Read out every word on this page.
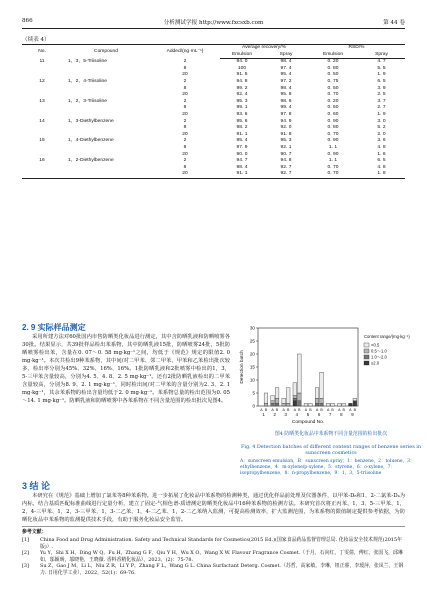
866	分析测试学报 http://www.fxcsxb.com	第 44 卷
（续表 4）
No.	Compound	Added/(ng·mL⁻¹)	Average recovery/%		RSD/%	
			Emulsion	Spray	Emulsion	Spray
11	1，3，5-Triisoline	2	94. 0	98. 4	0. 20	4. 7
		8	100	97. 4	0. 80	5. 5
		20	91. 5	95. 4	0. 50	1. 9
12	1，2，4-Triisoline	2	94. 8	97. 2	0. 75	6. 5
		8	99. 2	98. 4	0. 50	3. 9
		20	92. 4	95. 8	0. 70	2. 5
13	1，2，3-Triisoline	2	95. 3	98. 6	0. 20	3. 7
		8	99. 1	99. 4	0. 60	2. 7
		20	93. 6	97. 8	0. 60	1. 9
14	1，3-Diethylbenzene	2	95. 6	94. 9	0. 90	3. 0
		8	98. 2	92. 0	0. 80	5. 2
		20	91. 1	91. 8	0. 70	2. 0
15	1，4-Diethylbenzene	2	95. 4	95. 3	0. 90	3. 6
		8	97. 9	92. 1	1. 1	4. 8
		20	90. 0	90. 7	0. 90	1. 6
16	1，2-Diethylbenzene	2	94. 7	94. 8	1. 1	6. 5
		8	98. 4	92. 7	0. 70	4. 8
		20	91. 1	92. 7	0. 70	1. 8
2. 9 实际样品测定
采用所建方法对60批国内市售防晒类化妆品进行测定，其中含防晒乳液和防晒喷雾各30批。结果显示，共39批样品检出苯系物，其中防晒乳液15批，防晒喷雾24批，5批防晒喷雾检出苯，含量在0. 07～0. 58 mg·kg⁻¹之间，均低于《规范》规定的限值2. 0 mg·kg⁻¹。本次共检出9种苯系物，其中间/对二甲苯、邻二甲苯、甲苯和乙苯检出批次较多，检出率分别为45%、32%、16%、16%。1批防晒乳液和2批喷雾中检出的1，3，5-三甲苯含量较高，分别为4. 5、4. 8、2. 5 mg·kg⁻¹。还有2批防晒乳液检出的二甲苯含量较高，分别为8. 9、2. 1 mg·kg⁻¹，同时检出间/对二甲苯的含量分别为2. 3、2. 1 mg·kg⁻¹，其余苯系物的检出含量均低于2. 0 mg·kg⁻¹。苯系物总量的检出范围为0. 05～14. 1 mg·kg⁻¹。防晒乳液和防晒喷雾中各苯系物在不同含量范围的检出批次见图4。
0
5
10
15
20
25
30
A B
1
A B
2
A B
3
A B
4
A B
5
A B
6
A B
7
A B
8
A B
9
Compound No.
Detection batch
Content range/(mg·kg⁻¹)
<0.5
0.5～1.0
1.0～2.0
≥2.0
图4 防晒类化妆品中苯系物不同含量范围的检出批次
Fig. 4 Detection batches of different content ranges of benzene series in sunscreen cosmetics
A：sunscreen emulsion，B：sunscreen spray；1：benzene，2：toluene，3：ethylbenzene，4：m-xylene/p-xylene，5：styrene，6：o-xylene，7：isopropylbenzene，8：n-propylbenzene，9：1，3，5-triisoline
3 结 论
本研究在《规范》基础上增加了氯苯等8种苯系物。进一步拓展了化妆品中苯系物的检测种类，通过优化样品前处理及仪器条件，以甲苯-D₈和1，2-二氯苯-D₄为内标，结合基质匹配标准曲线进行定量分析，建立了固定-气相色谱-质谱测定防晒类化妆品中16种苯系物的检测方法。本研究首次将正丙苯、1，3，5-三甲苯、1，2，4-三甲苯、1，2，3-三甲苯、1，3-二乙苯、1，4-二乙苯、1，2-二乙苯纳入监测，可提高检测效率，扩大监测范围，为苯系物的限值制定提供参考依据，为防晒化妆品中苯系物的监测提供技术手段，有助于服务化妆品安全监管。
参考文献：
[1]	China Food and Drug Administration. Safety and Technical Standards for Cosmetics(2015 Ed.)(国家食品药品监督管理总局. 化妆品安全技术规范(2015年版)）.
[2]	Yu Y，Shi X H，Ding W Q，Fu H，Zhang G F，Qiu Y H，Wu X O，Wang X W. Flavour Fragrance Cosmet.（于月，石向红，丁雯倩，傅红，张国飞，邱琳如，邬颖旸，邬晓艳，王晓薇. 香料香精化妆品），2023，(2)：75-78.
[3]	Su Z，Gao J M，Li L，Niu Z R，Li Y P，Zhang F L，Wang G L. China Surfactant Deterg. Cosmet.（苏哲，高家敏，李琳，钮正睿，李瑗萍，张凤兰，王钢力. 日用化学工业），2022，52(1)：69-76.
